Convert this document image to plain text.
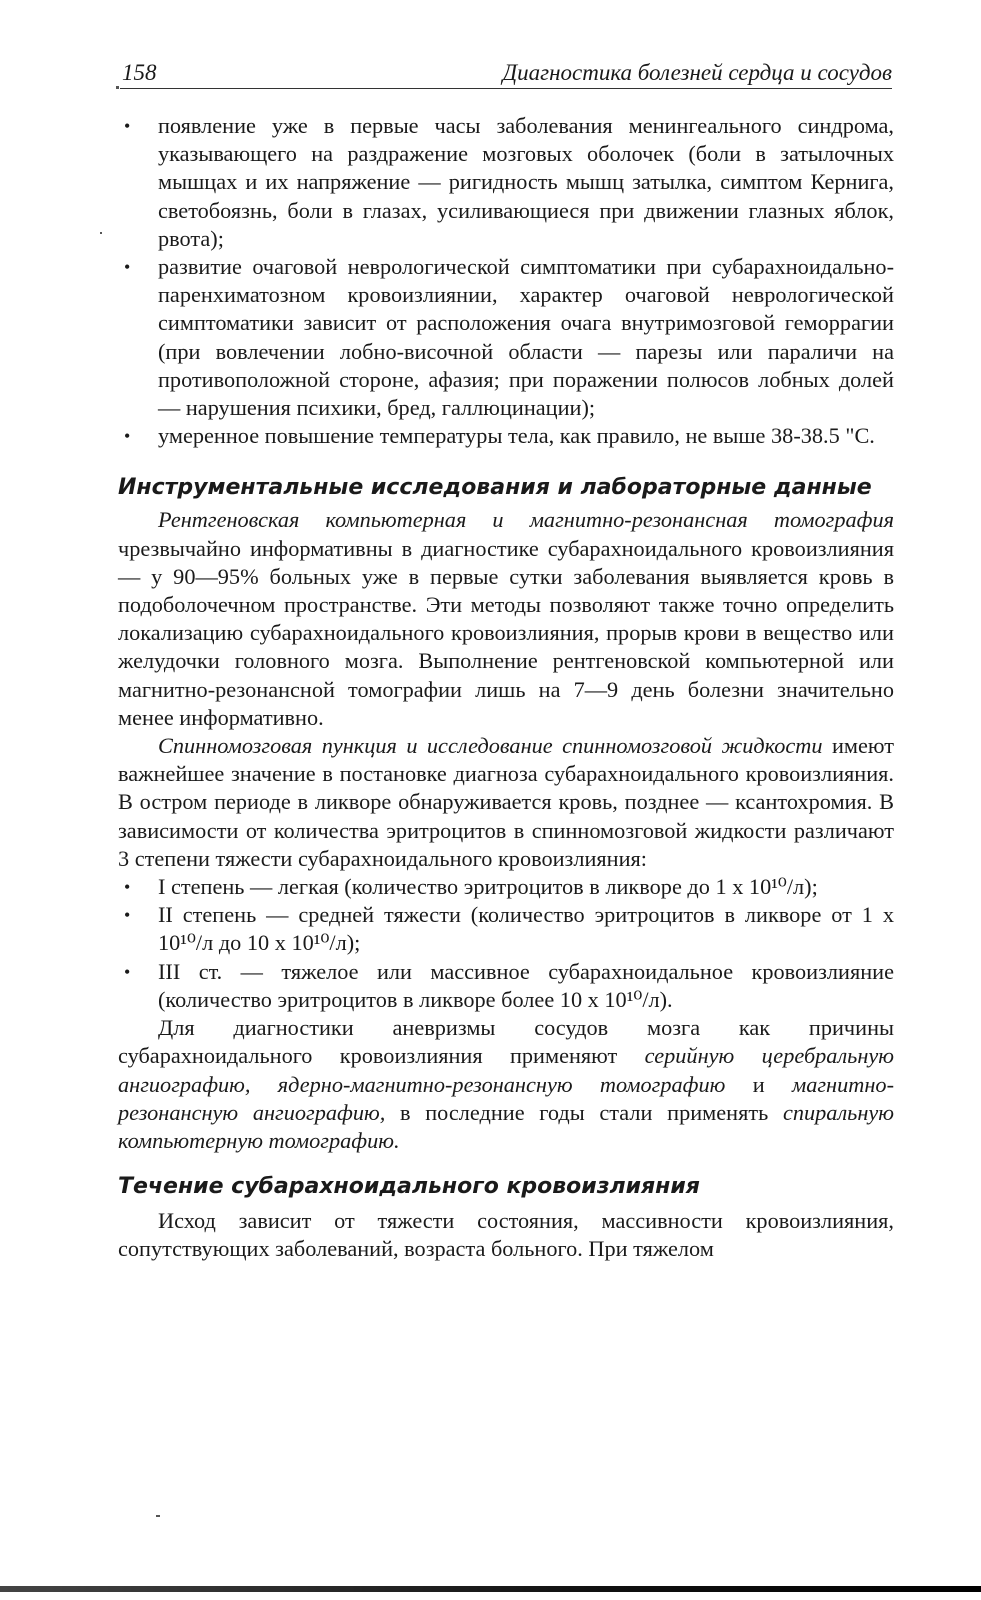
158	Диагностика болезней сердца и сосудов
• появление уже в первые часы заболевания менингеального синдрома, указывающего на раздражение мозговых оболочек (боли в затылочных мышцах и их напряжение — ригидность мышц затылка, симптом Кернига, светобоязнь, боли в глазах, усиливающиеся при движении глазных яблок, рвота);
• развитие очаговой неврологической симптоматики при субарахноидально-паренхиматозном кровоизлиянии, характер очаговой неврологической симптоматики зависит от расположения очага внутримозговой геморрагии (при вовлечении лобно-височной области — парезы или параличи на противоположной стороне, афазия; при поражении полюсов лобных долей — нарушения психики, бред, галлюцинации);
• умеренное повышение температуры тела, как правило, не выше 38-38.5 "С.
Инструментальные исследования и лабораторные данные

Рентгеновская компьютерная и магнитно-резонансная томография чрезвычайно информативны в диагностике субарахноидального кровоизлияния — у 90—95% больных уже в первые сутки заболевания выявляется кровь в подоболочечном пространстве. Эти методы позволяют также точно определить локализацию субарахноидального кровоизлияния, прорыв крови в вещество или желудочки головного мозга. Выполнение рентгеновской компьютерной или магнитно-резонансной томографии лишь на 7—9 день болезни значительно менее информативно.

Спинномозговая пункция и исследование спинномозговой жидкости имеют важнейшее значение в постановке диагноза субарахноидального кровоизлияния. В остром периоде в ликворе обнаруживается кровь, позднее — ксантохромия. В зависимости от количества эритроцитов в спинномозговой жидкости различают 3 степени тяжести субарахноидального кровоизлияния:

• I степень — легкая (количество эритроцитов в ликворе до 1 х 10¹⁰/л);
• II степень — средней тяжести (количество эритроцитов в ликворе от 1 х 10¹⁰/л до 10 х 10¹⁰/л);
• III ст. — тяжелое или массивное субарахноидальное кровоизлияние (количество эритроцитов в ликворе более 10 х 10¹⁰/л).

Для диагностики аневризмы сосудов мозга как причины субарахноидального кровоизлияния применяют серийную церебральную ангиографию, ядерно-магнитно-резонансную томографию и магнитно-резонансную ангиографию, в последние годы стали применять спиральную компьютерную томографию.

Течение субарахноидального кровоизлияния

Исход зависит от тяжести состояния, массивности кровоизлияния, сопутствующих заболеваний, возраста больного. При тяжелом
